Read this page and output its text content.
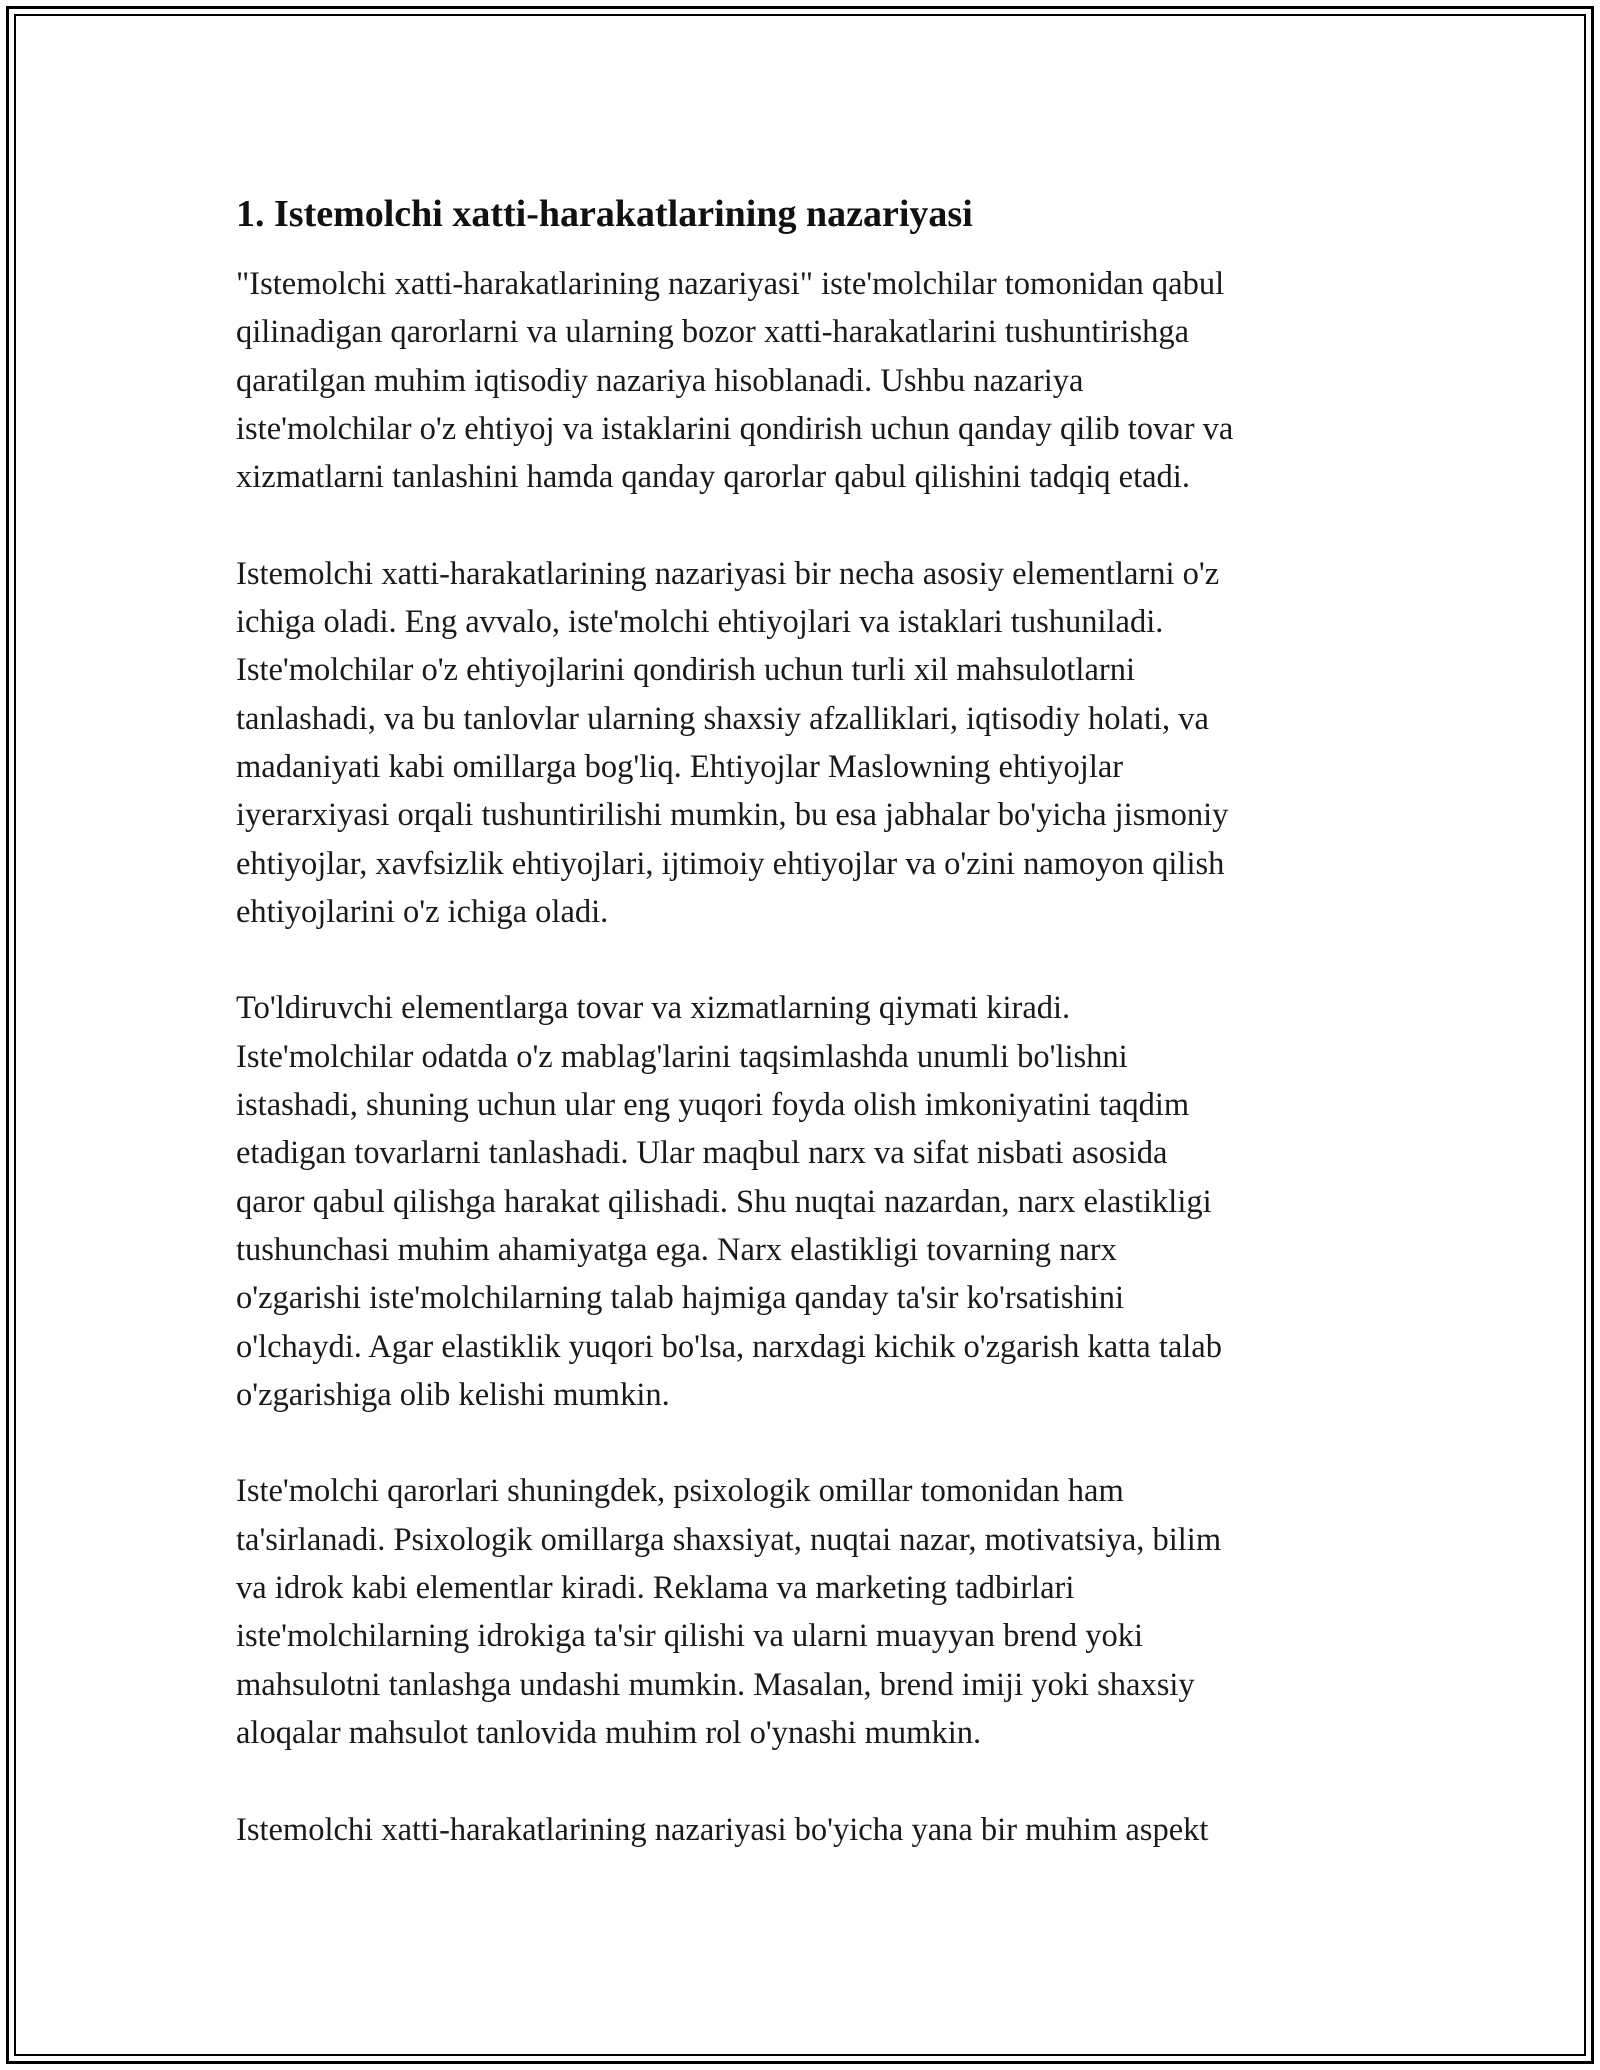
1. Istemolchi xatti-harakatlarining nazariyasi

"Istemolchi xatti-harakatlarining nazariyasi" iste'molchilar tomonidan qabul
qilinadigan qarorlarni va ularning bozor xatti-harakatlarini tushuntirishga
qaratilgan muhim iqtisodiy nazariya hisoblanadi. Ushbu nazariya
iste'molchilar o'z ehtiyoj va istaklarini qondirish uchun qanday qilib tovar va
xizmatlarni tanlashini hamda qanday qarorlar qabul qilishini tadqiq etadi.

Istemolchi xatti-harakatlarining nazariyasi bir necha asosiy elementlarni o'z
ichiga oladi. Eng avvalo, iste'molchi ehtiyojlari va istaklari tushuniladi.
Iste'molchilar o'z ehtiyojlarini qondirish uchun turli xil mahsulotlarni
tanlashadi, va bu tanlovlar ularning shaxsiy afzalliklari, iqtisodiy holati, va
madaniyati kabi omillarga bog'liq. Ehtiyojlar Maslowning ehtiyojlar
iyerarxiyasi orqali tushuntirilishi mumkin, bu esa jabhalar bo'yicha jismoniy
ehtiyojlar, xavfsizlik ehtiyojlari, ijtimoiy ehtiyojlar va o'zini namoyon qilish
ehtiyojlarini o'z ichiga oladi.

To'ldiruvchi elementlarga tovar va xizmatlarning qiymati kiradi.
Iste'molchilar odatda o'z mablag'larini taqsimlashda unumli bo'lishni
istashadi, shuning uchun ular eng yuqori foyda olish imkoniyatini taqdim
etadigan tovarlarni tanlashadi. Ular maqbul narx va sifat nisbati asosida
qaror qabul qilishga harakat qilishadi. Shu nuqtai nazardan, narx elastikligi
tushunchasi muhim ahamiyatga ega. Narx elastikligi tovarning narx
o'zgarishi iste'molchilarning talab hajmiga qanday ta'sir ko'rsatishini
o'lchaydi. Agar elastiklik yuqori bo'lsa, narxdagi kichik o'zgarish katta talab
o'zgarishiga olib kelishi mumkin.

Iste'molchi qarorlari shuningdek, psixologik omillar tomonidan ham
ta'sirlanadi. Psixologik omillarga shaxsiyat, nuqtai nazar, motivatsiya, bilim
va idrok kabi elementlar kiradi. Reklama va marketing tadbirlari
iste'molchilarning idrokiga ta'sir qilishi va ularni muayyan brend yoki
mahsulotni tanlashga undashi mumkin. Masalan, brend imiji yoki shaxsiy
aloqalar mahsulot tanlovida muhim rol o'ynashi mumkin.

Istemolchi xatti-harakatlarining nazariyasi bo'yicha yana bir muhim aspekt
